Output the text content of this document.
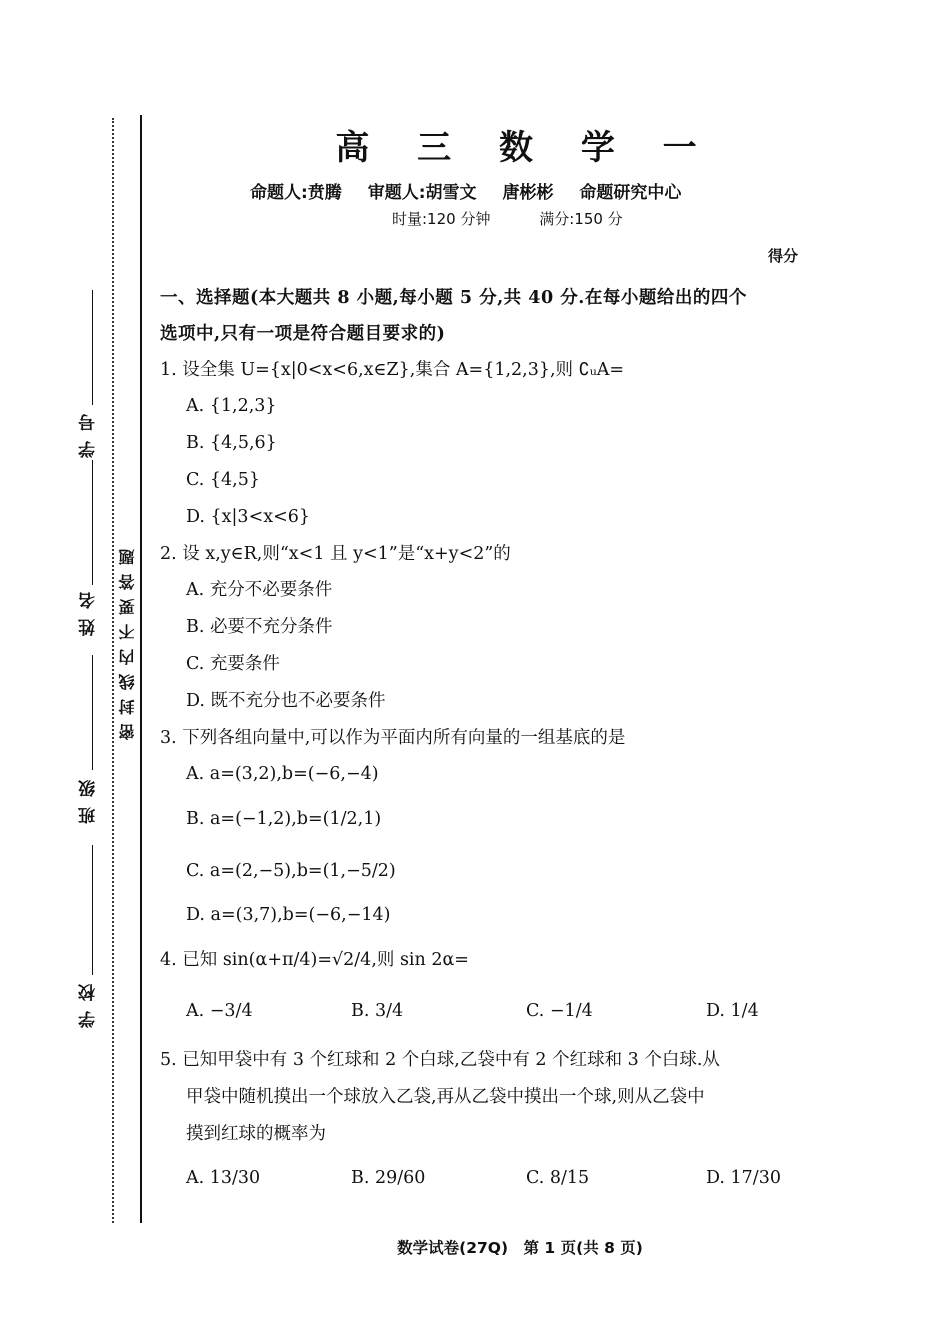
学 校
班 级
姓 名
学 号
密封线内不要答题
高 三 数 学 一
命题人:贲腾 审题人:胡雪文 唐彬彬 命题研究中心
时量:120 分钟	满分:150 分
得分

一、选择题(本大题共 8 小题,每小题 5 分,共 40 分.在每小题给出的四个

选项中,只有一项是符合题目要求的)

1. 设全集 U={x|0<x<6,x∈Z},集合 A={1,2,3},则 ∁ᵤA=

A. {1,2,3}
B. {4,5,6}
C. {4,5}
D. {x|3<x<6}

2. 设 x,y∈R,则“x<1 且 y<1”是“x+y<2”的

A. 充分不必要条件
B. 必要不充分条件
C. 充要条件
D. 既不充分也不必要条件

3. 下列各组向量中,可以作为平面内所有向量的一组基底的是

A. a=(3,2),b=(−6,−4)
B. a=(−1,2),b=(1/2,1)
C. a=(2,−5),b=(1,−5/2)
D. a=(3,7),b=(−6,−14)

4. 已知 sin(α+π/4)=√2/4,则 sin 2α=

A. −3/4	B. 3/4	C. −1/4	D. 1/4

5. 已知甲袋中有 3 个红球和 2 个白球,乙袋中有 2 个红球和 3 个白球.从
甲袋中随机摸出一个球放入乙袋,再从乙袋中摸出一个球,则从乙袋中
摸到红球的概率为

A. 13/30	B. 29/60	C. 8/15	D. 17/30
数学试卷(27Q)　第 1 页(共 8 页)
